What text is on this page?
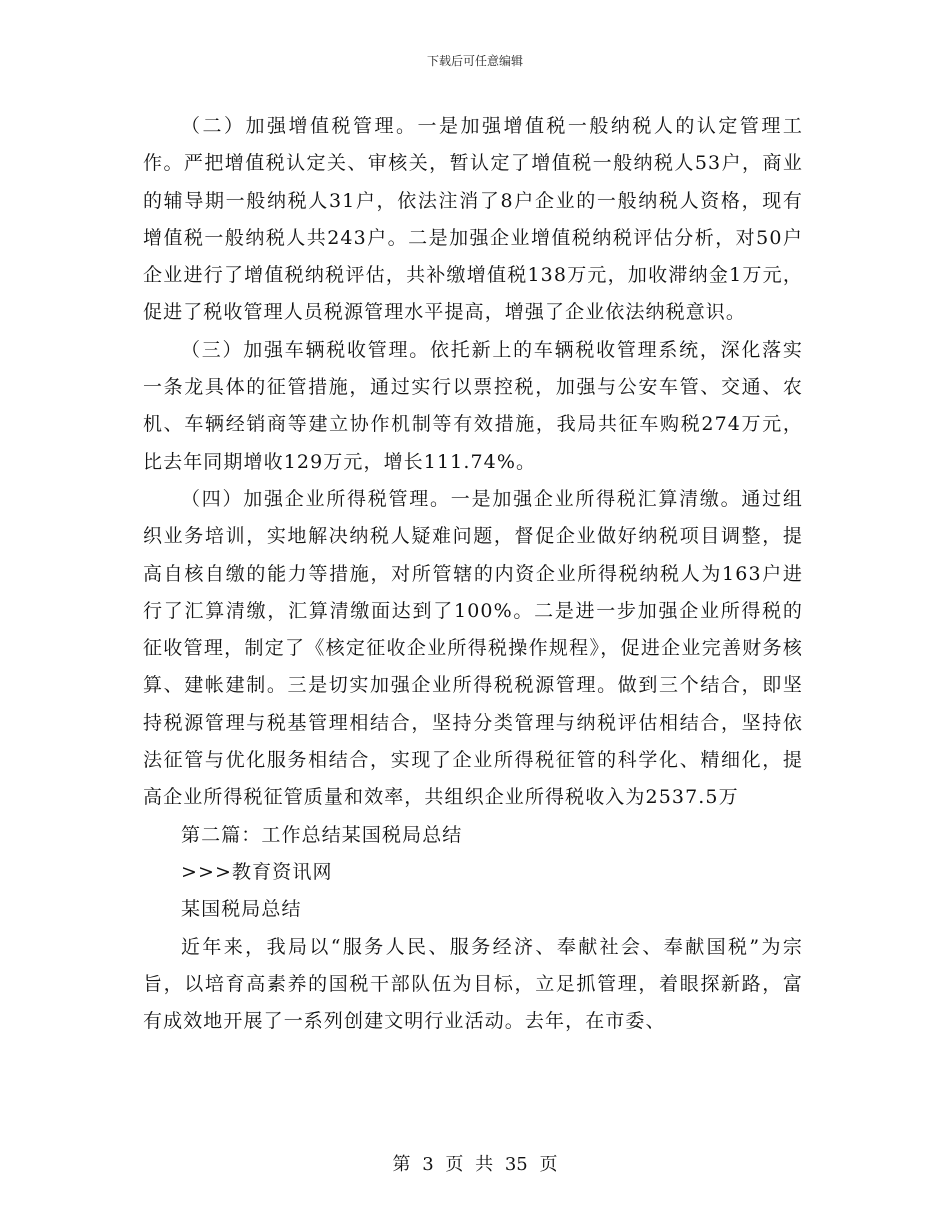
下载后可任意编辑

（二）加强增值税管理。一是加强增值税一般纳税人的认定管理工作。严把增值税认定关、审核关，暂认定了增值税一般纳税人53户，商业的辅导期一般纳税人31户，依法注消了8户企业的一般纳税人资格，现有增值税一般纳税人共243户。二是加强企业增值税纳税评估分析，对50户企业进行了增值税纳税评估，共补缴增值税138万元，加收滞纳金1万元，促进了税收管理人员税源管理水平提高，增强了企业依法纳税意识。

（三）加强车辆税收管理。依托新上的车辆税收管理系统，深化落实一条龙具体的征管措施，通过实行以票控税，加强与公安车管、交通、农机、车辆经销商等建立协作机制等有效措施，我局共征车购税274万元，比去年同期增收129万元，增长111.74%。

（四）加强企业所得税管理。一是加强企业所得税汇算清缴。通过组织业务培训，实地解决纳税人疑难问题，督促企业做好纳税项目调整，提高自核自缴的能力等措施，对所管辖的内资企业所得税纳税人为163户进行了汇算清缴，汇算清缴面达到了100%。二是进一步加强企业所得税的征收管理，制定了《核定征收企业所得税操作规程》，促进企业完善财务核算、建帐建制。三是切实加强企业所得税税源管理。做到三个结合，即坚持税源管理与税基管理相结合，坚持分类管理与纳税评估相结合，坚持依法征管与优化服务相结合，实现了企业所得税征管的科学化、精细化，提高企业所得税征管质量和效率，共组织企业所得税收入为2537.5万

第二篇：工作总结某国税局总结

>>>教育资讯网

某国税局总结

近年来，我局以“服务人民、服务经济、奉献社会、奉献国税”为宗旨，以培育高素养的国税干部队伍为目标，立足抓管理，着眼探新路，富有成效地开展了一系列创建文明行业活动。去年，在市委、

第 3 页 共 35 页
